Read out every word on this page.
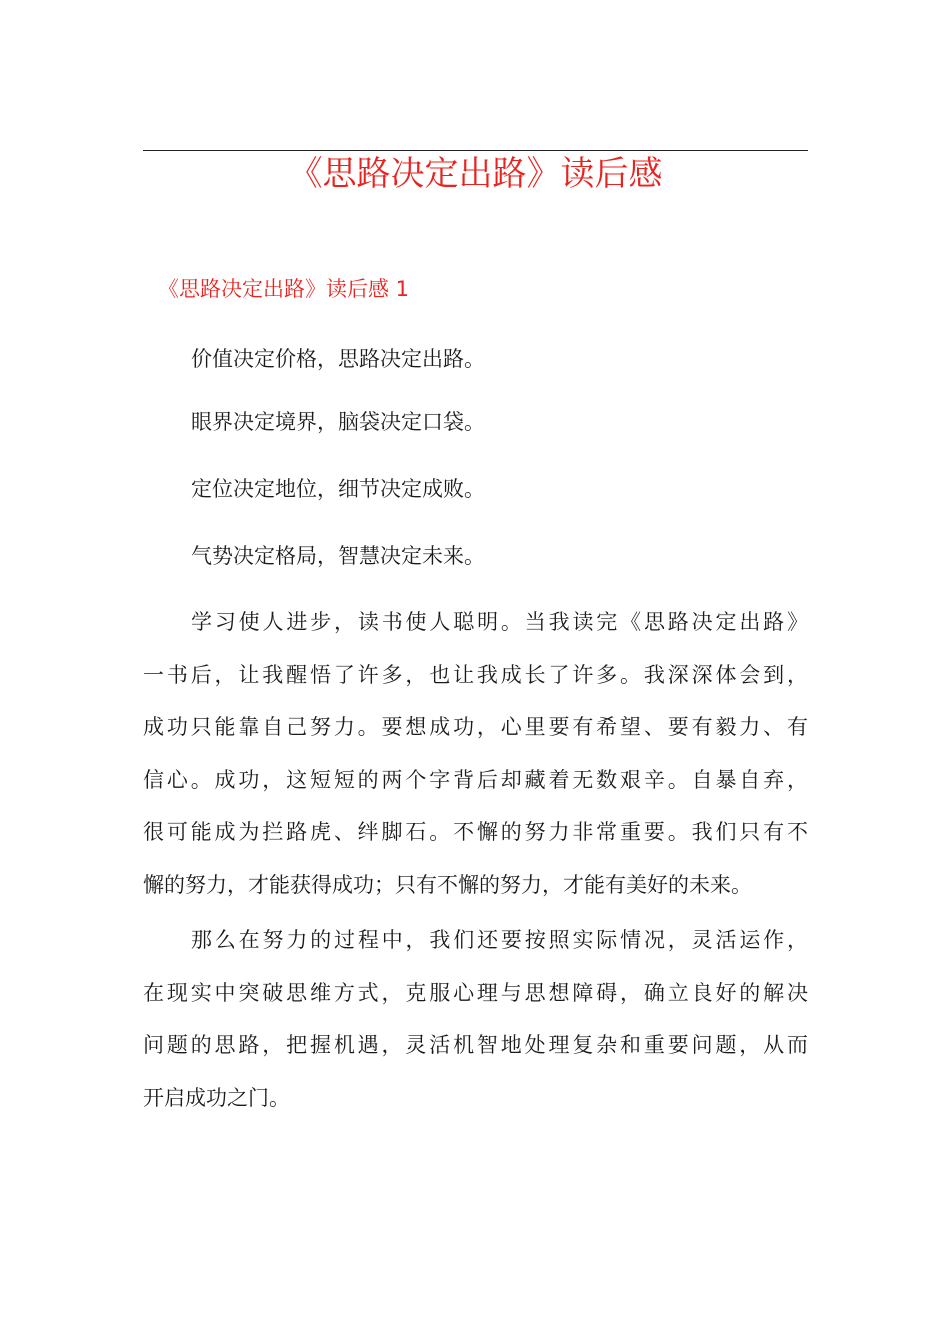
《思路决定出路》读后感
《思路决定出路》读后感 1

价值决定价格，思路决定出路。

眼界决定境界，脑袋决定口袋。

定位决定地位，细节决定成败。

气势决定格局，智慧决定未来。

学习使人进步，读书使人聪明。当我读完《思路决定出路》
一书后，让我醒悟了许多，也让我成长了许多。我深深体会到，
成功只能靠自己努力。要想成功，心里要有希望、要有毅力、有
信心。成功，这短短的两个字背后却藏着无数艰辛。自暴自弃，
很可能成为拦路虎、绊脚石。不懈的努力非常重要。我们只有不
懈的努力，才能获得成功；只有不懈的努力，才能有美好的未来。
那么在努力的过程中，我们还要按照实际情况，灵活运作，
在现实中突破思维方式，克服心理与思想障碍，确立良好的解决
问题的思路，把握机遇，灵活机智地处理复杂和重要问题，从而
开启成功之门。
